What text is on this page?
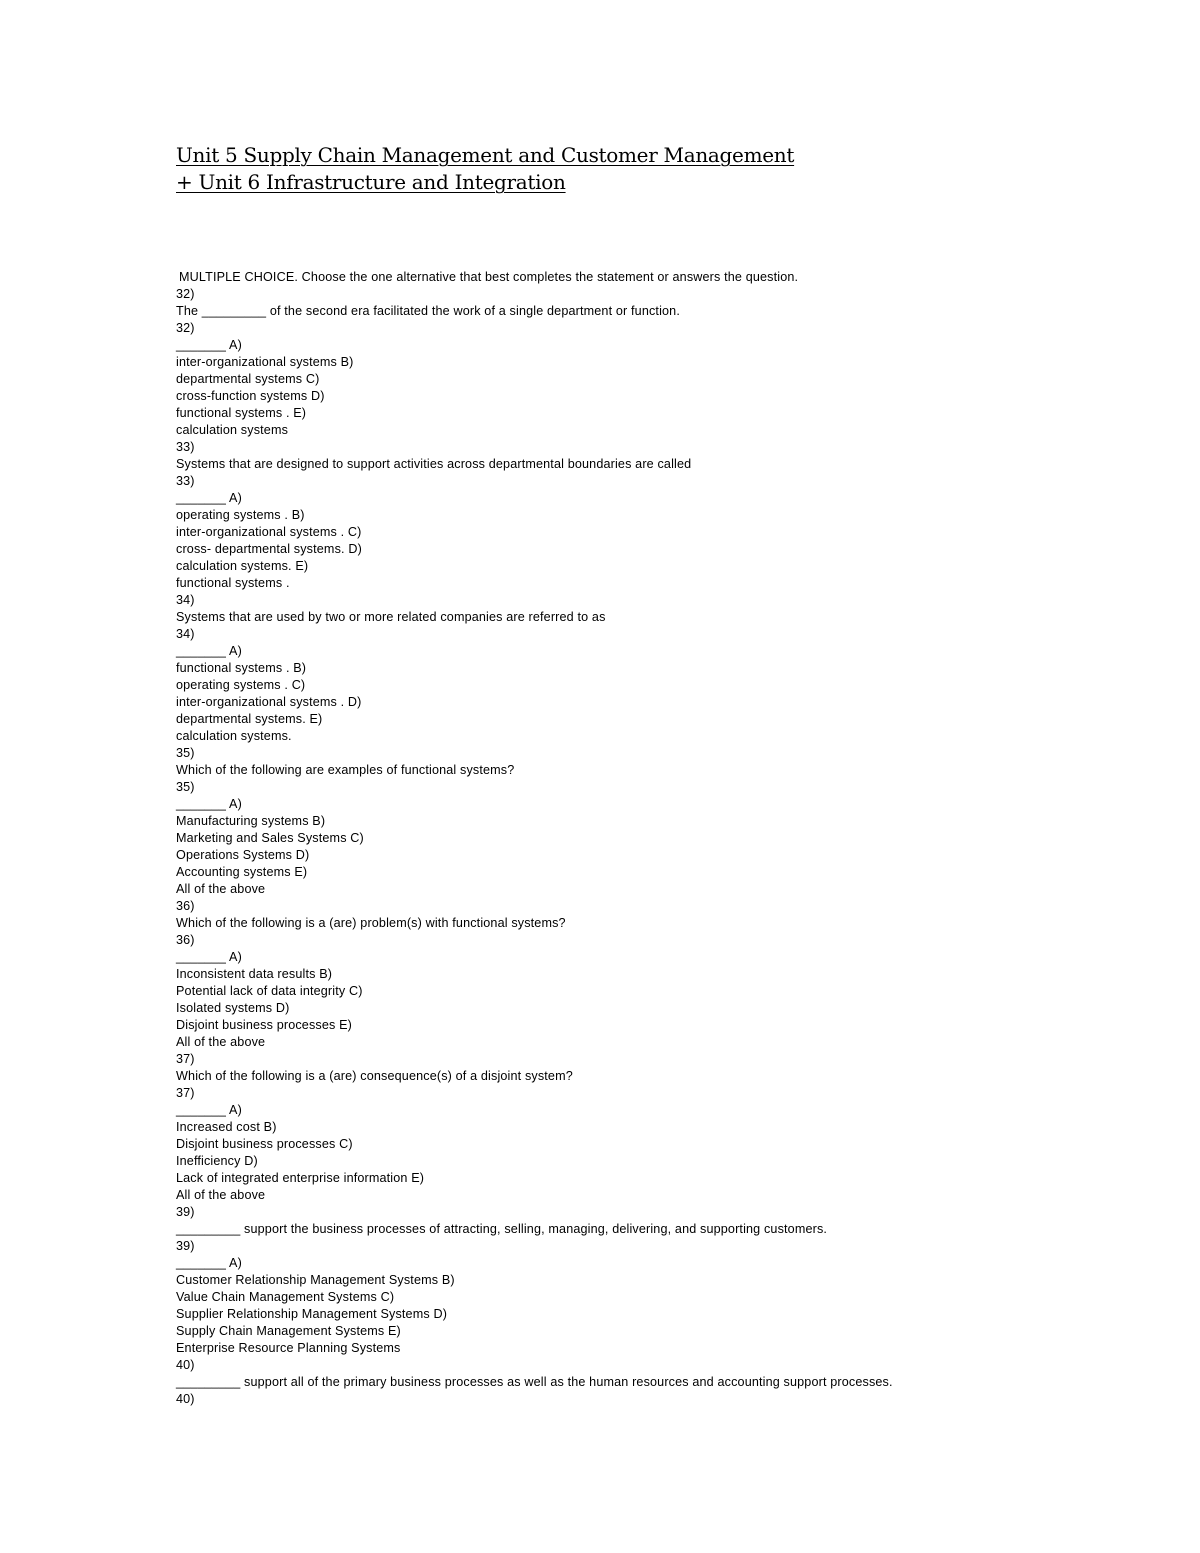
Unit 5 Supply Chain Management and Customer Management
+ Unit 6 Infrastructure and Integration
MULTIPLE CHOICE. Choose the one alternative that best completes the statement or answers the question.
32)
The _________ of the second era facilitated the work of a single department or function.
32)
_______ A)
inter-organizational systems B)
departmental systems C)
cross-function systems D)
functional systems . E)
calculation systems
33)
Systems that are designed to support activities across departmental boundaries are called
33)
_______ A)
operating systems . B)
inter-organizational systems . C)
cross- departmental systems. D)
calculation systems. E)
functional systems .
34)
Systems that are used by two or more related companies are referred to as
34)
_______ A)
functional systems . B)
operating systems . C)
inter-organizational systems . D)
departmental systems. E)
calculation systems.
35)
Which of the following are examples of functional systems?
35)
_______ A)
Manufacturing systems B)
Marketing and Sales Systems C)
Operations Systems D)
Accounting systems E)
All of the above
36)
Which of the following is a (are) problem(s) with functional systems?
36)
_______ A)
Inconsistent data results B)
Potential lack of data integrity C)
Isolated systems D)
Disjoint business processes E)
All of the above
37)
Which of the following is a (are) consequence(s) of a disjoint system?
37)
_______ A)
Increased cost B)
Disjoint business processes C)
Inefficiency D)
Lack of integrated enterprise information E)
All of the above
39)
_________ support the business processes of attracting, selling, managing, delivering, and supporting customers.
39)
_______ A)
Customer Relationship Management Systems B)
Value Chain Management Systems C)
Supplier Relationship Management Systems D)
Supply Chain Management Systems E)
Enterprise Resource Planning Systems
40)
_________ support all of the primary business processes as well as the human resources and accounting support processes.
40)
